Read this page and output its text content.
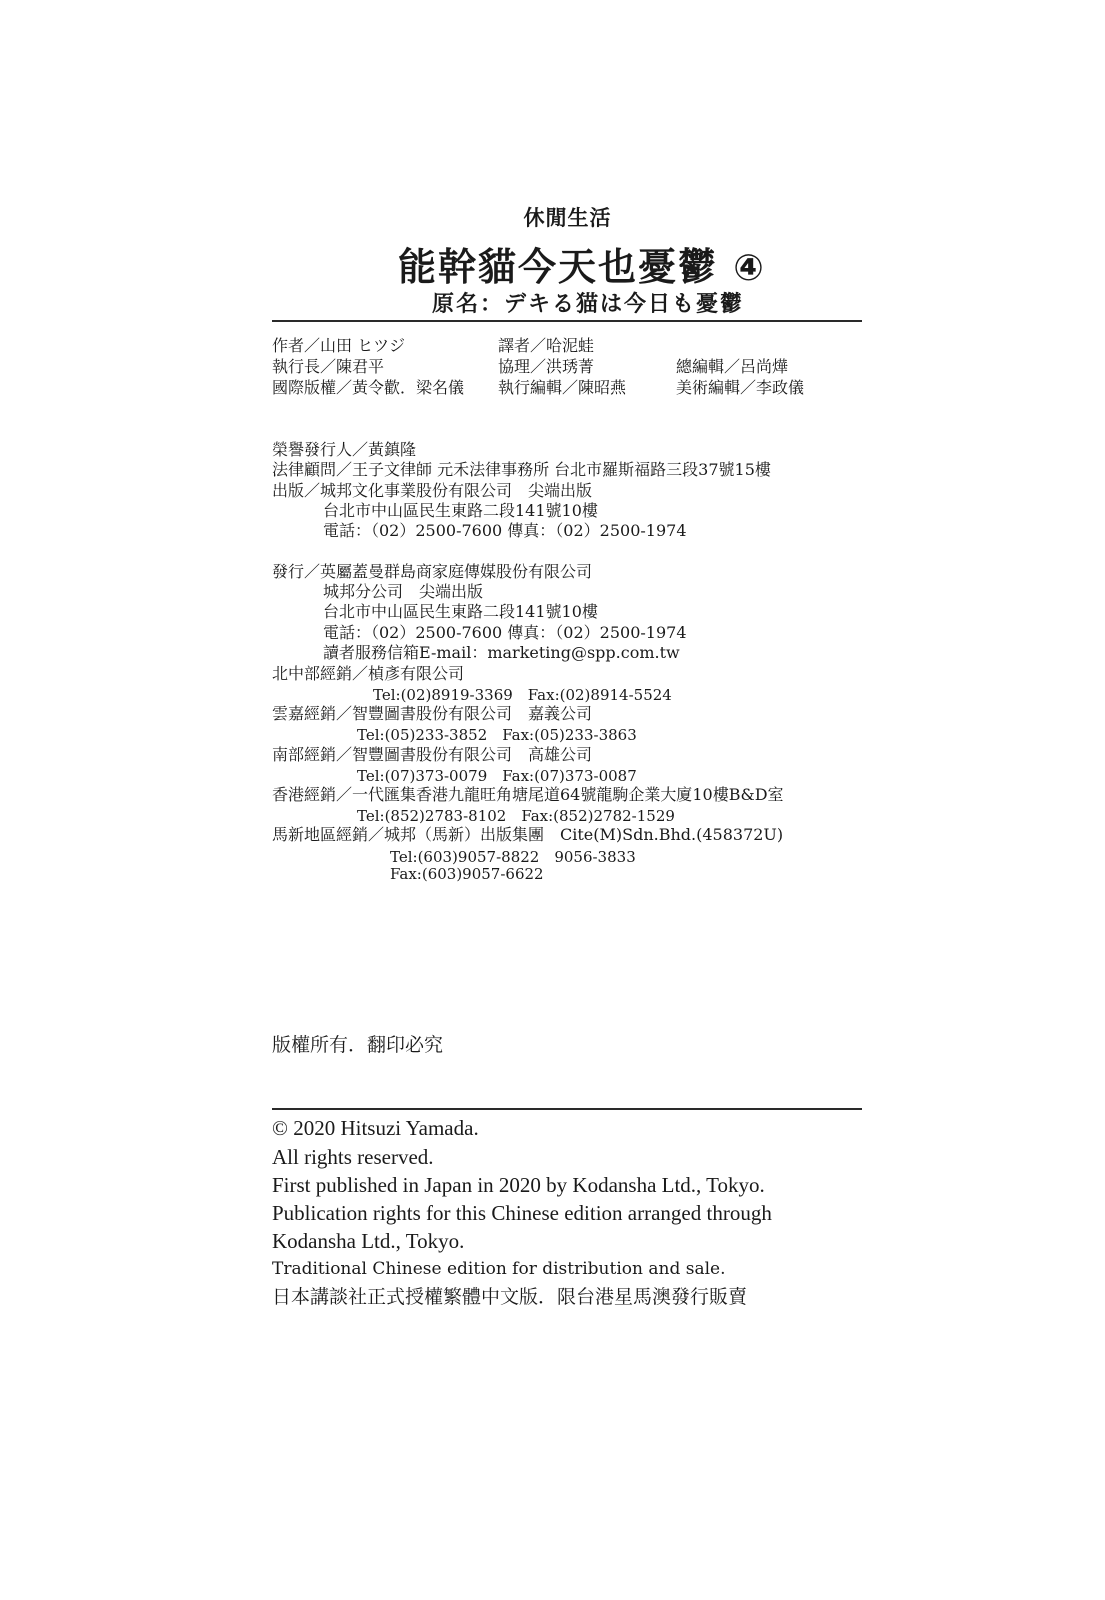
休閒生活
能幹貓今天也憂鬱 ④
原名：デキる猫は今日も憂鬱
作者／山田 ヒツジ	譯者／哈泥蛙
執行長／陳君平	協理／洪琇菁	總編輯／呂尚燁
國際版權／黃令歡．梁名儀 執行編輯／陳昭燕	美術編輯／李政儀
榮譽發行人／黃鎮隆
法律顧問／王子文律師 元禾法律事務所 台北市羅斯福路三段37號15樓
出版／城邦文化事業股份有限公司　尖端出版
台北市中山區民生東路二段141號10樓
電話：（02）2500-7600 傳真：（02）2500-1974
發行／英屬蓋曼群島商家庭傳媒股份有限公司
城邦分公司　尖端出版
台北市中山區民生東路二段141號10樓
電話：（02）2500-7600 傳真：（02）2500-1974
讀者服務信箱E-mail：marketing@spp.com.tw
北中部經銷／楨彥有限公司
Tel:(02)8919-3369　Fax:(02)8914-5524
雲嘉經銷／智豐圖書股份有限公司　嘉義公司
Tel:(05)233-3852　Fax:(05)233-3863
南部經銷／智豐圖書股份有限公司　高雄公司
Tel:(07)373-0079　Fax:(07)373-0087
香港經銷／一代匯集香港九龍旺角塘尾道64號龍駒企業大廈10樓B&D室
Tel:(852)2783-8102　Fax:(852)2782-1529
馬新地區經銷／城邦（馬新）出版集團　Cite(M)Sdn.Bhd.(458372U)
Tel:(603)9057-8822　9056-3833
Fax:(603)9057-6622
版權所有．翻印必究
© 2020 Hitsuzi Yamada.
All rights reserved.
First published in Japan in 2020 by Kodansha Ltd., Tokyo.
Publication rights for this Chinese edition arranged through
Kodansha Ltd., Tokyo.
Traditional Chinese edition for distribution and sale.
日本講談社正式授權繁體中文版．限台港星馬澳發行販賣
